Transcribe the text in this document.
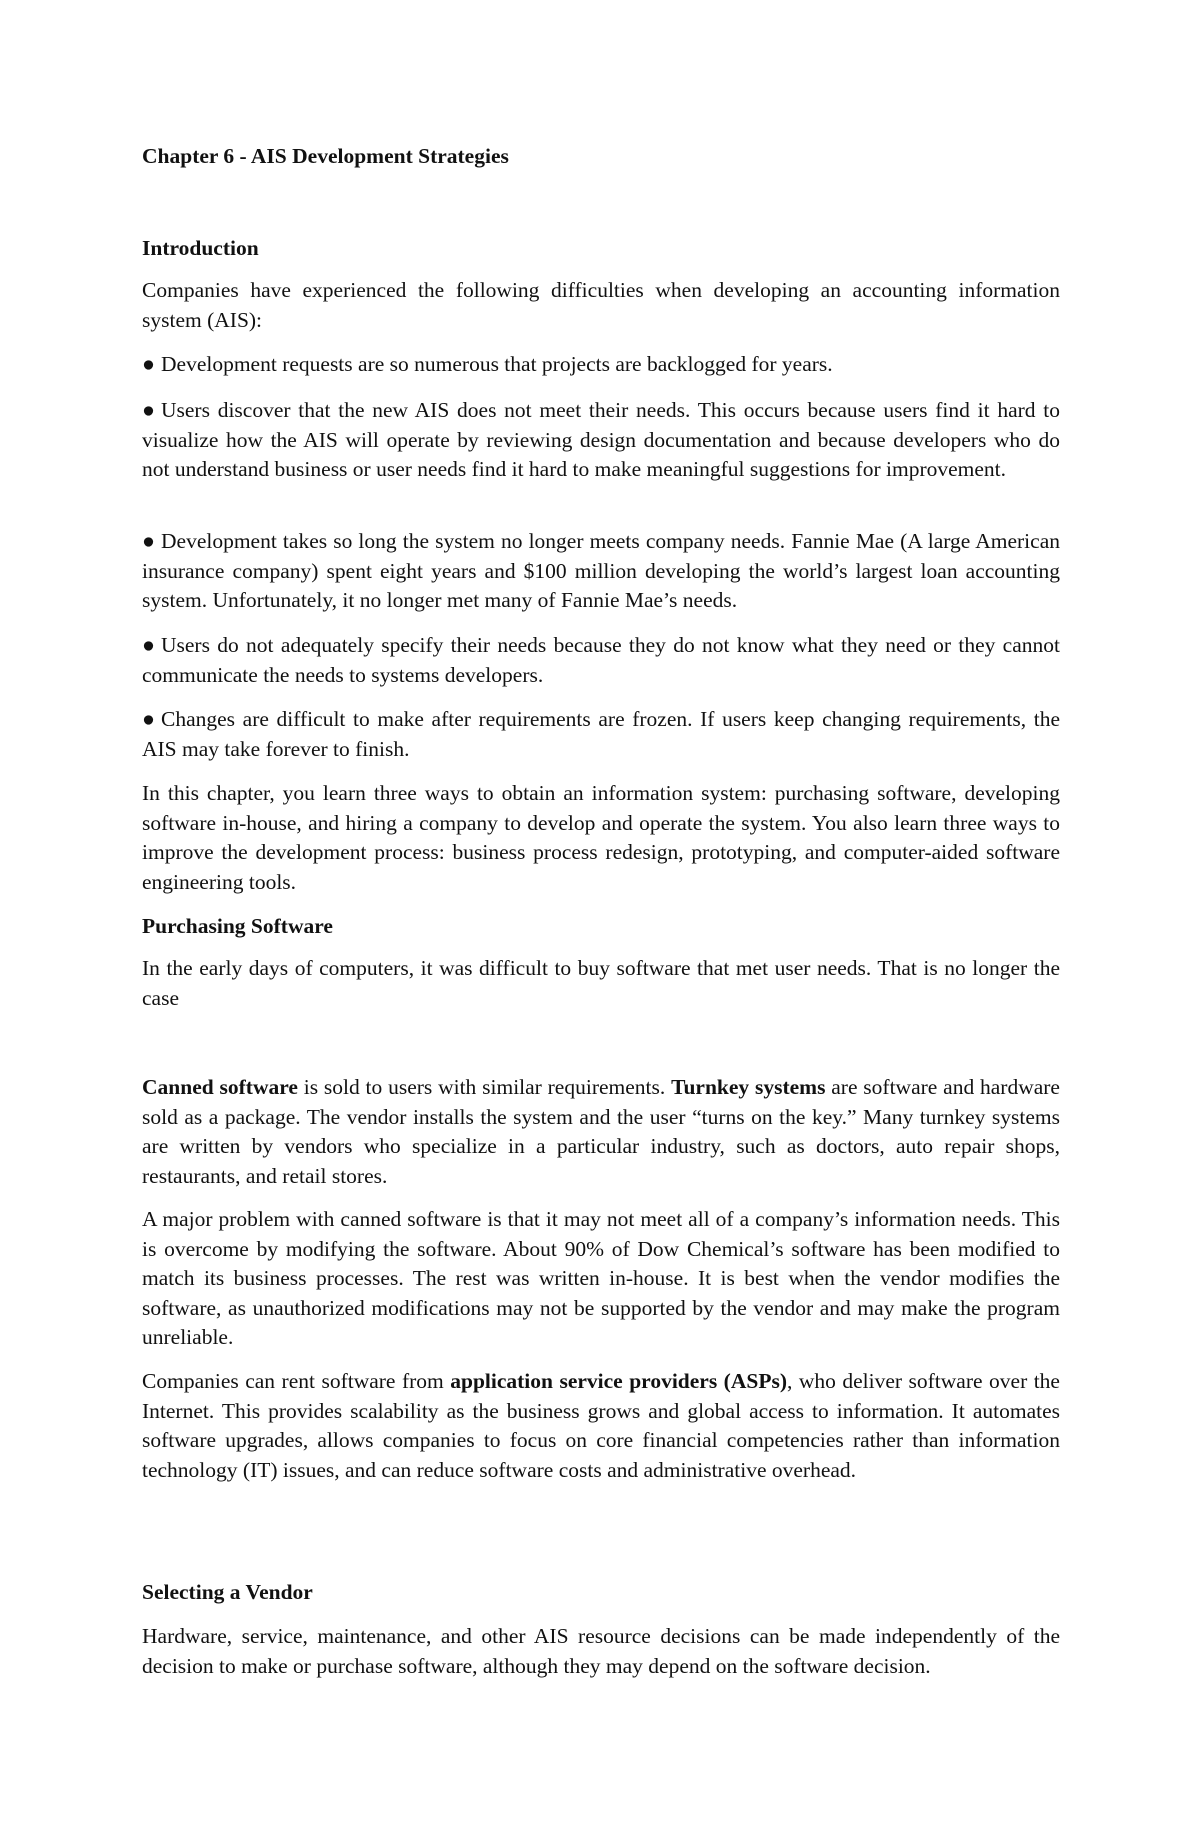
Chapter 6 - AIS Development Strategies

Introduction

Companies have experienced the following difficulties when developing an accounting information system (AIS):

● Development requests are so numerous that projects are backlogged for years.

● Users discover that the new AIS does not meet their needs. This occurs because users find it hard to visualize how the AIS will operate by reviewing design documentation and because developers who do not understand business or user needs find it hard to make meaningful suggestions for improvement.

● Development takes so long the system no longer meets company needs. Fannie Mae (A large American insurance company) spent eight years and $100 million developing the world’s largest loan accounting system. Unfortunately, it no longer met many of Fannie Mae’s needs.

● Users do not adequately specify their needs because they do not know what they need or they cannot communicate the needs to systems developers.

● Changes are difficult to make after requirements are frozen. If users keep changing requirements, the AIS may take forever to finish.

In this chapter, you learn three ways to obtain an information system: purchasing software, developing software in-house, and hiring a company to develop and operate the system. You also learn three ways to improve the development process: business process redesign, prototyping, and computer-aided software engineering tools.

Purchasing Software

In the early days of computers, it was difficult to buy software that met user needs. That is no longer the case

Canned software is sold to users with similar requirements. Turnkey systems are software and hardware sold as a package. The vendor installs the system and the user “turns on the key.” Many turnkey systems are written by vendors who specialize in a particular industry, such as doctors, auto repair shops, restaurants, and retail stores.

A major problem with canned software is that it may not meet all of a company’s information needs. This is overcome by modifying the software. About 90% of Dow Chemical’s software has been modified to match its business processes. The rest was written in-house. It is best when the vendor modifies the software, as unauthorized modifications may not be supported by the vendor and may make the program unreliable.

Companies can rent software from application service providers (ASPs), who deliver software over the Internet. This provides scalability as the business grows and global access to information. It automates software upgrades, allows companies to focus on core financial competencies rather than information technology (IT) issues, and can reduce software costs and administrative overhead.

Selecting a Vendor

Hardware, service, maintenance, and other AIS resource decisions can be made independently of the decision to make or purchase software, although they may depend on the software decision.
